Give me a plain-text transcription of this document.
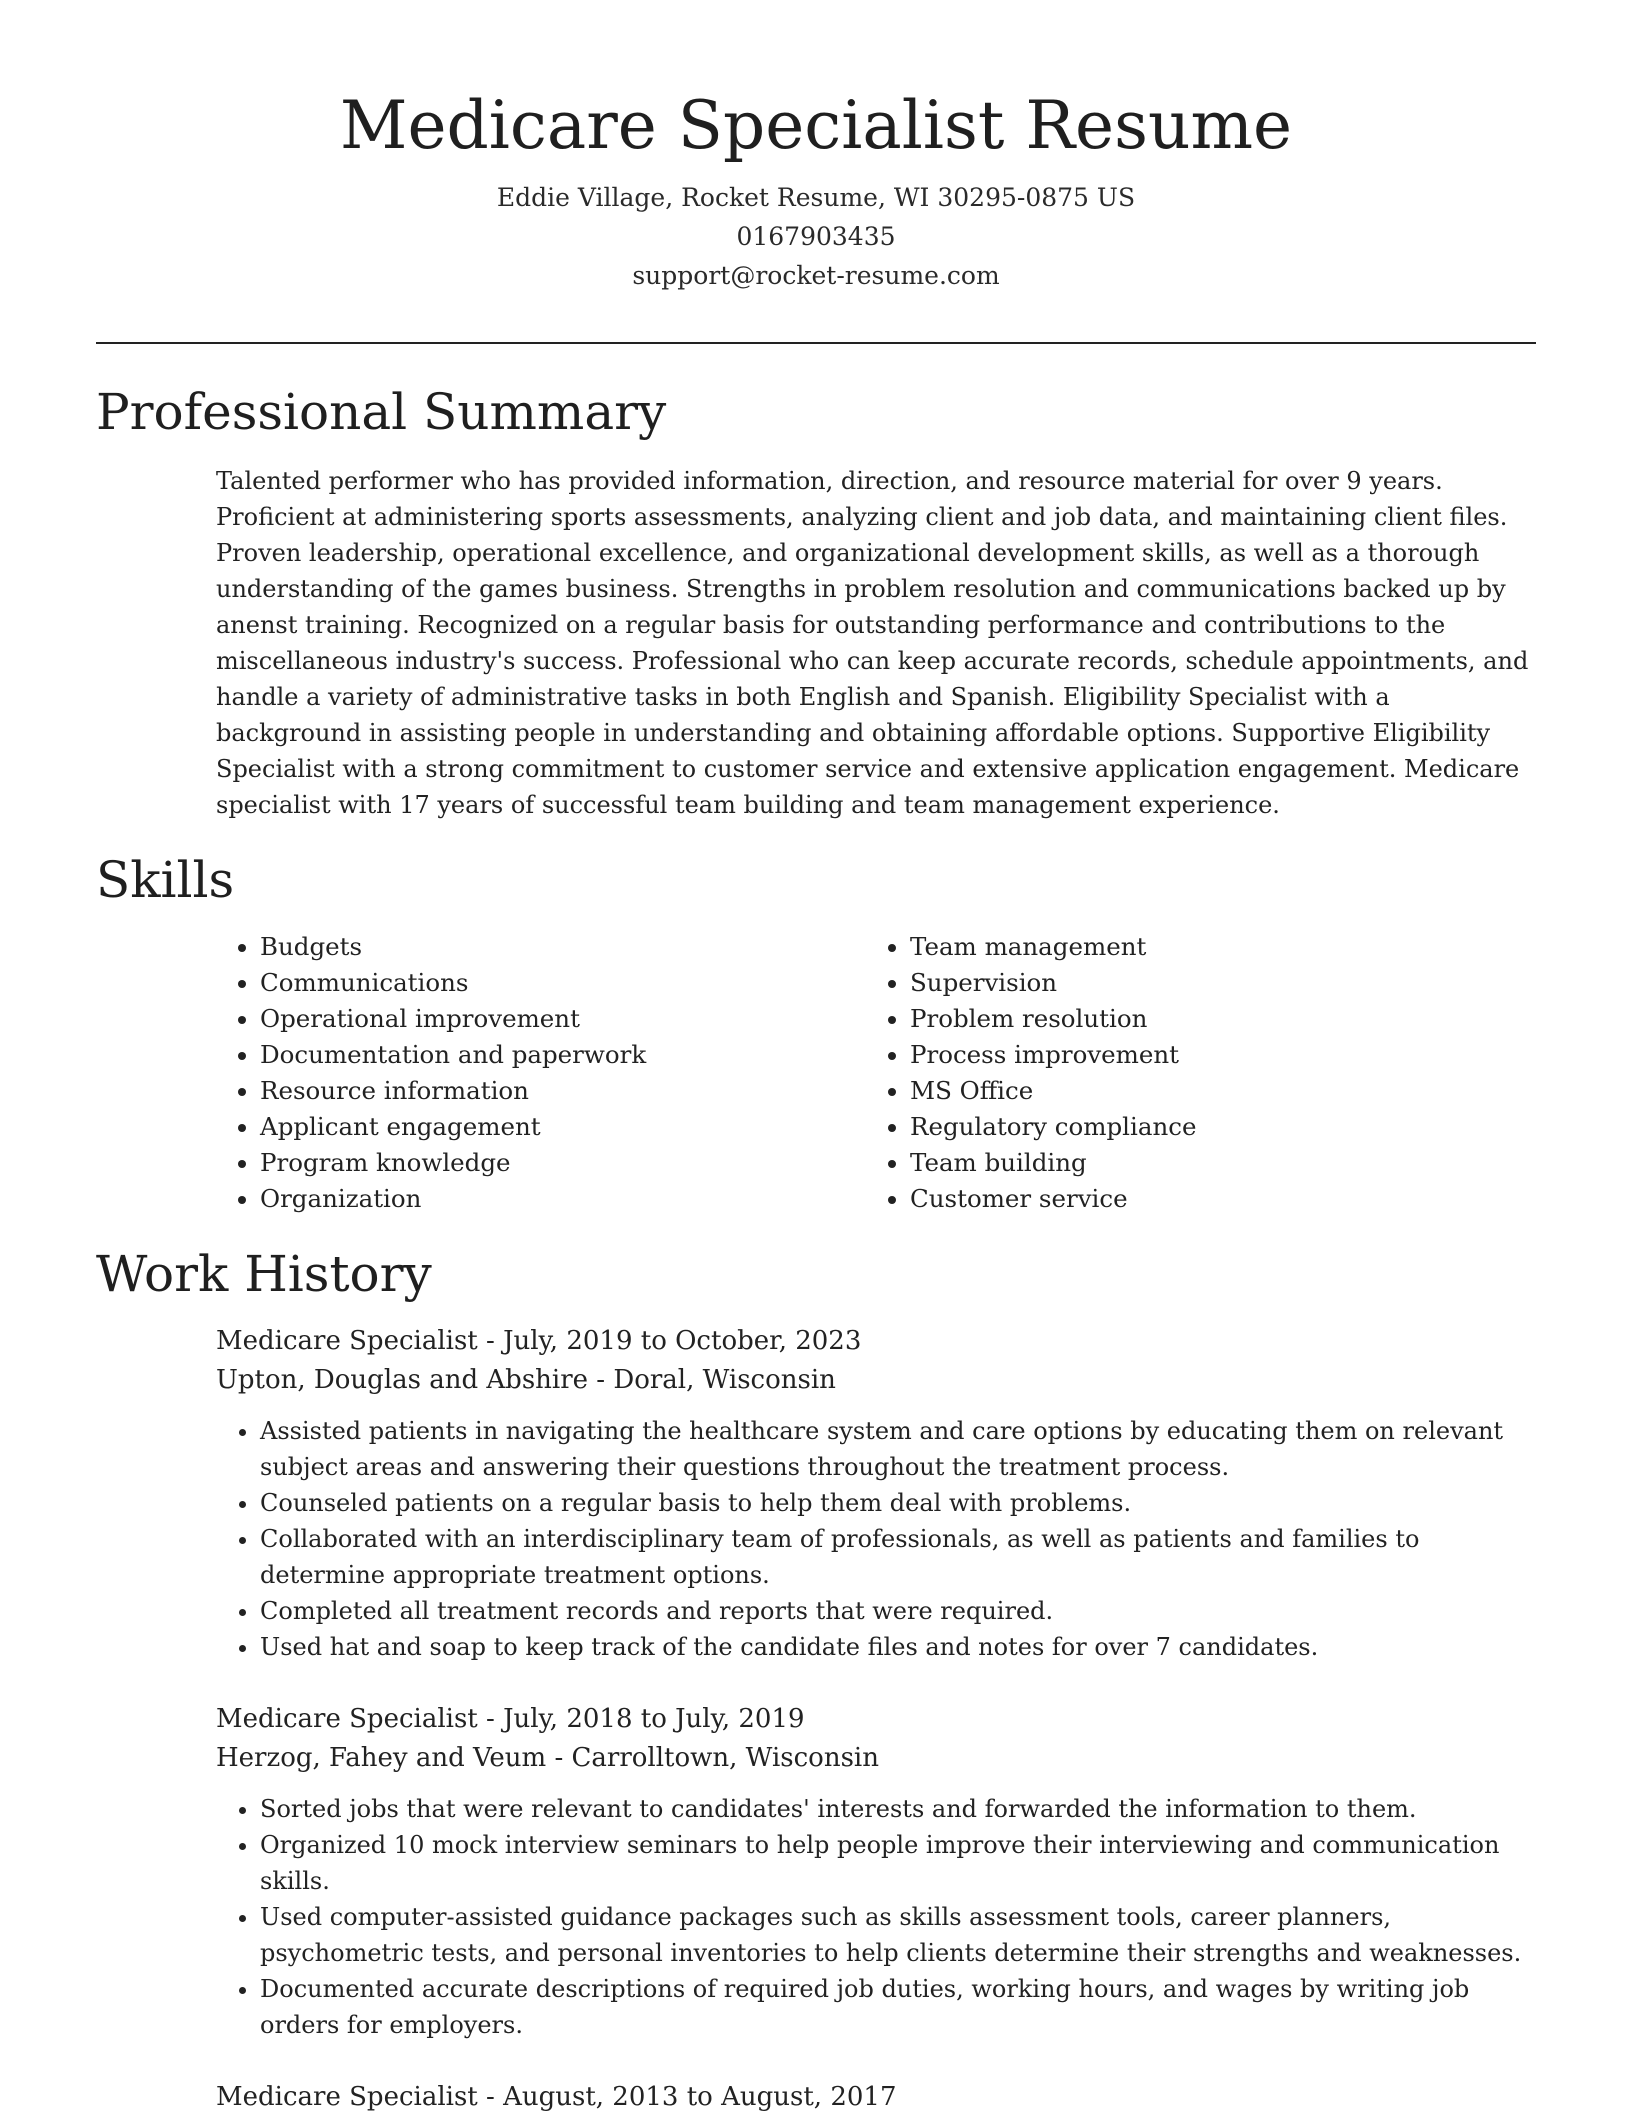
Medicare Specialist Resume
Eddie Village, Rocket Resume, WI 30295-0875 US
0167903435
support@rocket-resume.com
Professional Summary

Talented performer who has provided information, direction, and resource material for over 9 years. Proficient at administering sports assessments, analyzing client and job data, and maintaining client files. Proven leadership, operational excellence, and organizational development skills, as well as a thorough understanding of the games business. Strengths in problem resolution and communications backed up by anenst training. Recognized on a regular basis for outstanding performance and contributions to the miscellaneous industry's success. Professional who can keep accurate records, schedule appointments, and handle a variety of administrative tasks in both English and Spanish. Eligibility Specialist with a background in assisting people in understanding and obtaining affordable options. Supportive Eligibility Specialist with a strong commitment to customer service and extensive application engagement. Medicare specialist with 17 years of successful team building and team management experience.

Skills
• Budgets
• Communications
• Operational improvement
• Documentation and paperwork
• Resource information
• Applicant engagement
• Program knowledge
• Organization
• Team management
• Supervision
• Problem resolution
• Process improvement
• MS Office
• Regulatory compliance
• Team building
• Customer service
Work History
Medicare Specialist - July, 2019 to October, 2023
Upton, Douglas and Abshire - Doral, Wisconsin
• Assisted patients in navigating the healthcare system and care options by educating them on relevant subject areas and answering their questions throughout the treatment process.
• Counseled patients on a regular basis to help them deal with problems.
• Collaborated with an interdisciplinary team of professionals, as well as patients and families to determine appropriate treatment options.
• Completed all treatment records and reports that were required.
• Used hat and soap to keep track of the candidate files and notes for over 7 candidates.
Medicare Specialist - July, 2018 to July, 2019
Herzog, Fahey and Veum - Carrolltown, Wisconsin
• Sorted jobs that were relevant to candidates' interests and forwarded the information to them.
• Organized 10 mock interview seminars to help people improve their interviewing and communication skills.
• Used computer-assisted guidance packages such as skills assessment tools, career planners, psychometric tests, and personal inventories to help clients determine their strengths and weaknesses.
• Documented accurate descriptions of required job duties, working hours, and wages by writing job orders for employers.
Medicare Specialist - August, 2013 to August, 2017
